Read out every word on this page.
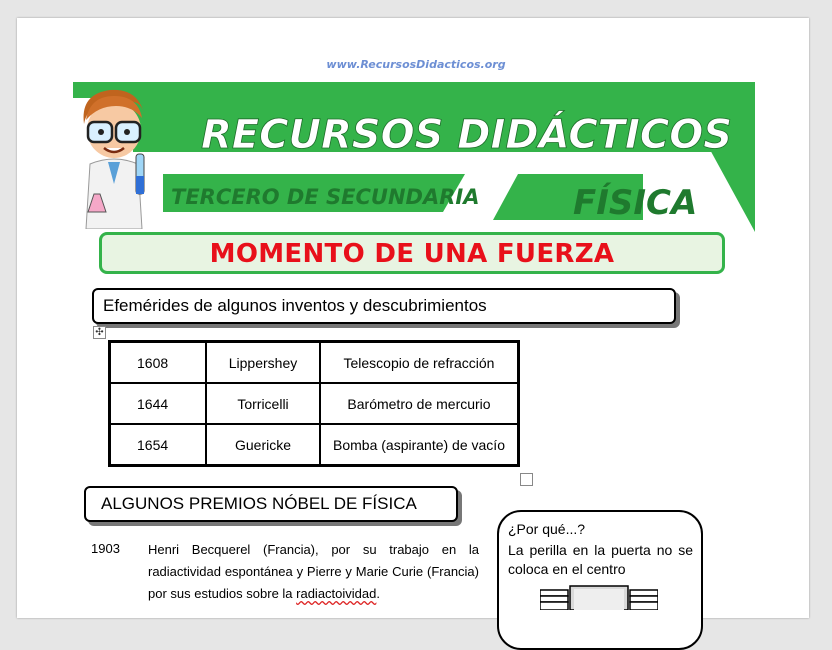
www.RecursosDidacticos.org
RECURSOS DIDÁCTICOS
TERCERO DE SECUNDARIA	FÍSICA
MOMENTO DE UNA FUERZA
Efemérides de algunos inventos y descubrimientos
✣
1608	Lippershey	Telescopio de refracción
1644	Torricelli	Barómetro de mercurio
1654	Guericke	Bomba (aspirante) de vacío
ALGUNOS PREMIOS NÓBEL DE FÍSICA
1903 Henri Becquerel (Francia), por su trabajo en la radiactividad espontánea y Pierre y Marie Curie (Francia) por sus estudios sobre la radiactoividad.
¿Por qué...?
La perilla en la puerta no se coloca en el centro
